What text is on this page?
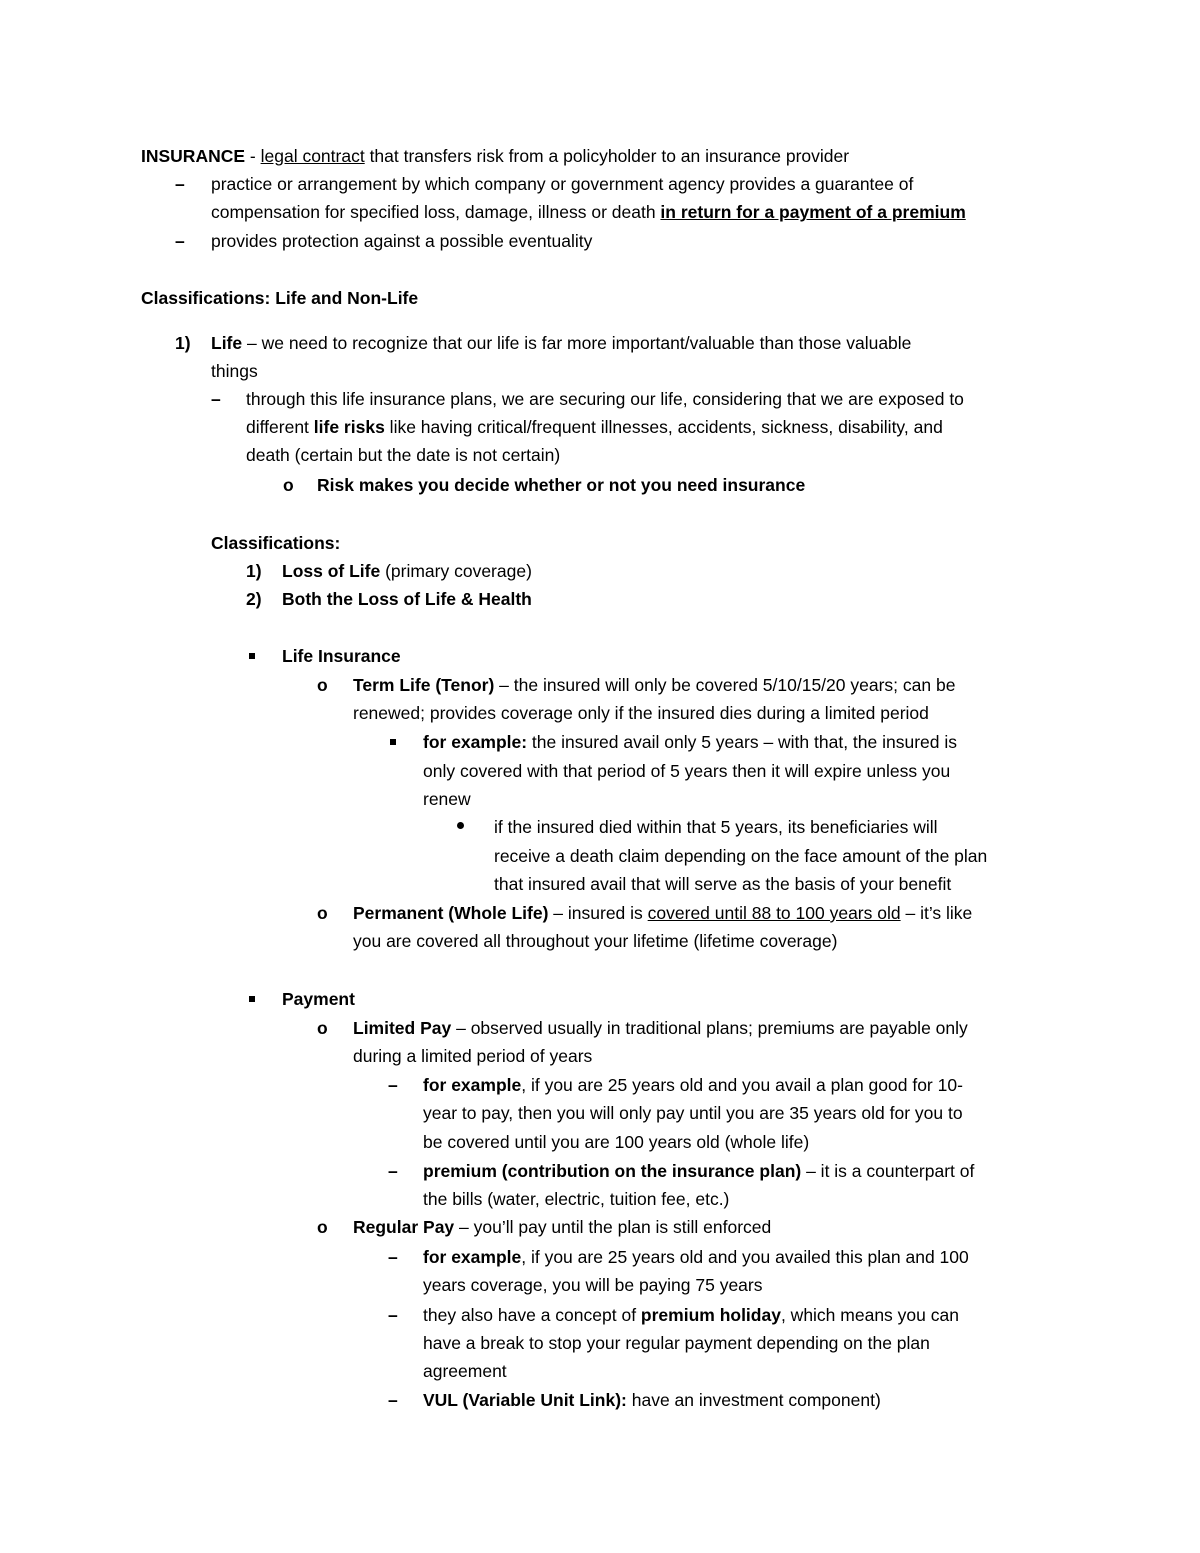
INSURANCE - legal contract that transfers risk from a policyholder to an insurance provider
– practice or arrangement by which company or government agency provides a guarantee of
compensation for specified loss, damage, illness or death in return for a payment of a premium
– provides protection against a possible eventuality
Classifications: Life and Non-Life
1) Life – we need to recognize that our life is far more important/valuable than those valuable
things
– through this life insurance plans, we are securing our life, considering that we are exposed to
different life risks like having critical/frequent illnesses, accidents, sickness, disability, and
death (certain but the date is not certain)
o Risk makes you decide whether or not you need insurance
Classifications:
1) Loss of Life (primary coverage)
2) Both the Loss of Life & Health
Life Insurance
o Term Life (Tenor) – the insured will only be covered 5/10/15/20 years; can be
renewed; provides coverage only if the insured dies during a limited period
for example: the insured avail only 5 years – with that, the insured is
only covered with that period of 5 years then it will expire unless you
renew
if the insured died within that 5 years, its beneficiaries will
receive a death claim depending on the face amount of the plan
that insured avail that will serve as the basis of your benefit
o Permanent (Whole Life) – insured is covered until 88 to 100 years old – it’s like
you are covered all throughout your lifetime (lifetime coverage)
Payment
o Limited Pay – observed usually in traditional plans; premiums are payable only
during a limited period of years
– for example, if you are 25 years old and you avail a plan good for 10-
year to pay, then you will only pay until you are 35 years old for you to
be covered until you are 100 years old (whole life)
– premium (contribution on the insurance plan) – it is a counterpart of
the bills (water, electric, tuition fee, etc.)
o Regular Pay – you’ll pay until the plan is still enforced
– for example, if you are 25 years old and you availed this plan and 100
years coverage, you will be paying 75 years
– they also have a concept of premium holiday, which means you can
have a break to stop your regular payment depending on the plan
agreement
– VUL (Variable Unit Link): have an investment component)
